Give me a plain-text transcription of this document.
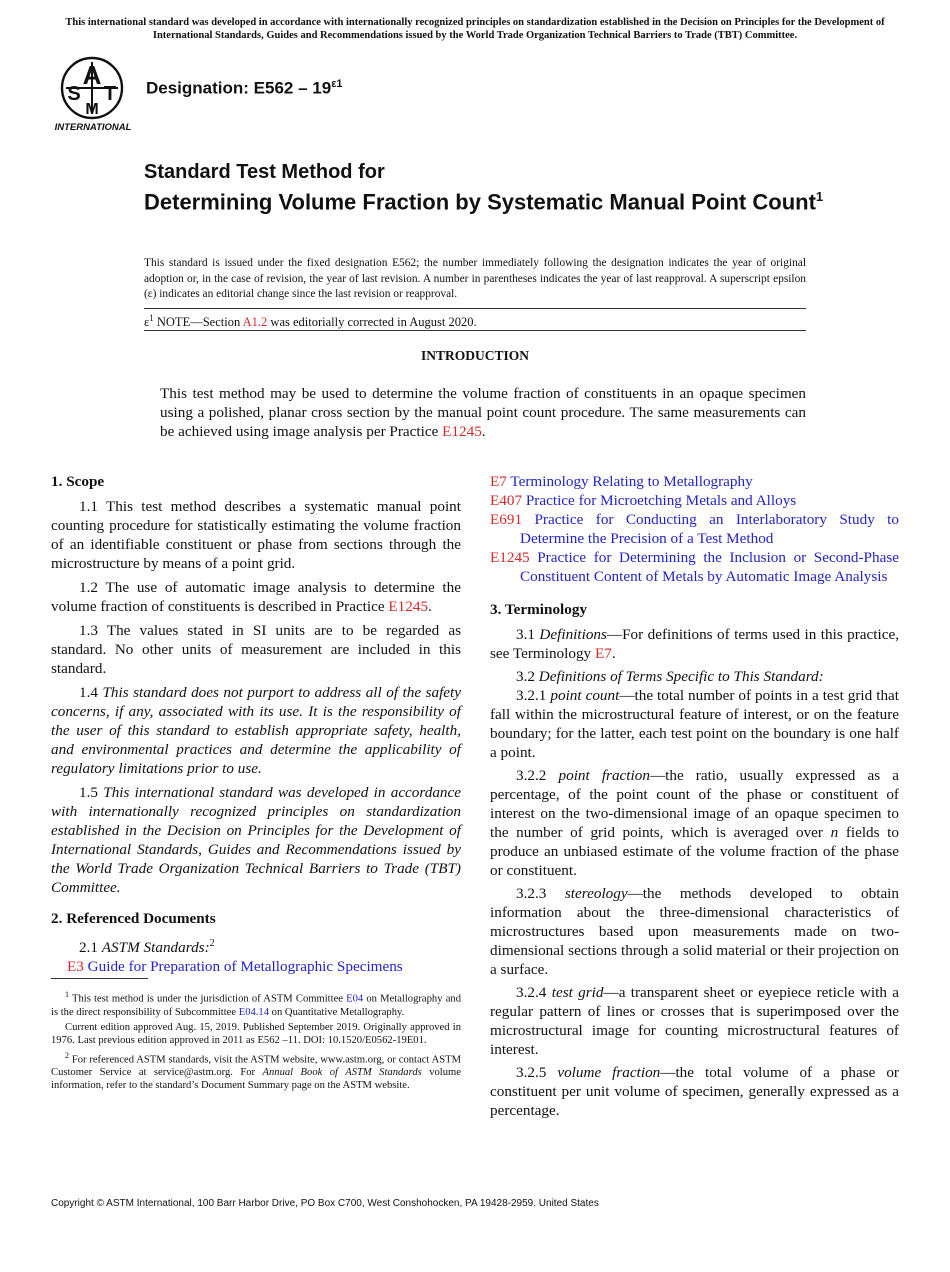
This international standard was developed in accordance with internationally recognized principles on standardization established in the Decision on Principles for the Development of International Standards, Guides and Recommendations issued by the World Trade Organization Technical Barriers to Trade (TBT) Committee.
A
S T
M
INTERNATIONAL
Designation: $E562 - 19^{\varepsilon 1}$
Standard Test Method for
Determining Volume Fraction by Systematic Manual Point Count$^1$
This standard is issued under the fixed designation E562; the number immediately following the designation indicates the year of original adoption or, in the case of revision, the year of last revision. A number in parentheses indicates the year of last reapproval. A superscript epsilon (ε) indicates an editorial change since the last revision or reapproval.
$\varepsilon^1$ NOTE—Section A1.2 was editorially corrected in August 2020.
INTRODUCTION
This test method may be used to determine the volume fraction of constituents in an opaque specimen using a polished, planar cross section by the manual point count procedure. The same measurements can be achieved using image analysis per Practice E1245.
1. Scope

1.1 This test method describes a systematic manual point counting procedure for statistically estimating the volume fraction of an identifiable constituent or phase from sections through the microstructure by means of a point grid.

1.2 The use of automatic image analysis to determine the volume fraction of constituents is described in Practice E1245.

1.3 The values stated in SI units are to be regarded as standard. No other units of measurement are included in this standard.

1.4 This standard does not purport to address all of the safety concerns, if any, associated with its use. It is the responsibility of the user of this standard to establish appropriate safety, health, and environmental practices and determine the applicability of regulatory limitations prior to use.

1.5 This international standard was developed in accordance with internationally recognized principles on standardization established in the Decision on Principles for the Development of International Standards, Guides and Recommendations issued by the World Trade Organization Technical Barriers to Trade (TBT) Committee.

2. Referenced Documents

2.1 ASTM Standards:$^2$

E3 Guide for Preparation of Metallographic Specimens

E7 Terminology Relating to Metallography

E407 Practice for Microetching Metals and Alloys

E691 Practice for Conducting an Interlaboratory Study to Determine the Precision of a Test Method

E1245 Practice for Determining the Inclusion or Second-Phase Constituent Content of Metals by Automatic Image Analysis

3. Terminology

3.1 Definitions—For definitions of terms used in this practice, see Terminology E7.

3.2 Definitions of Terms Specific to This Standard:

3.2.1 point count—the total number of points in a test grid that fall within the microstructural feature of interest, or on the feature boundary; for the latter, each test point on the boundary is one half a point.

3.2.2 point fraction—the ratio, usually expressed as a percentage, of the point count of the phase or constituent of interest on the two-dimensional image of an opaque specimen to the number of grid points, which is averaged over n fields to produce an unbiased estimate of the volume fraction of the phase or constituent.

3.2.3 stereology—the methods developed to obtain information about the three-dimensional characteristics of microstructures based upon measurements made on two-dimensional sections through a solid material or their projection on a surface.

3.2.4 test grid—a transparent sheet or eyepiece reticle with a regular pattern of lines or crosses that is superimposed over the microstructural image for counting microstructural features of interest.

3.2.5 volume fraction—the total volume of a phase or constituent per unit volume of specimen, generally expressed as a percentage.

$^1$ This test method is under the jurisdiction of ASTM Committee E04 on Metallography and is the direct responsibility of Subcommittee E04.14 on Quantitative Metallography.

Current edition approved Aug. 15, 2019. Published September 2019. Originally approved in 1976. Last previous edition approved in 2011 as E562 –11. DOI: 10.1520/E0562-19E01.

$^2$ For referenced ASTM standards, visit the ASTM website, www.astm.org, or contact ASTM Customer Service at service@astm.org. For Annual Book of ASTM Standards volume information, refer to the standard’s Document Summary page on the ASTM website.

Copyright © ASTM International, 100 Barr Harbor Drive, PO Box C700, West Conshohocken, PA 19428-2959. United States
